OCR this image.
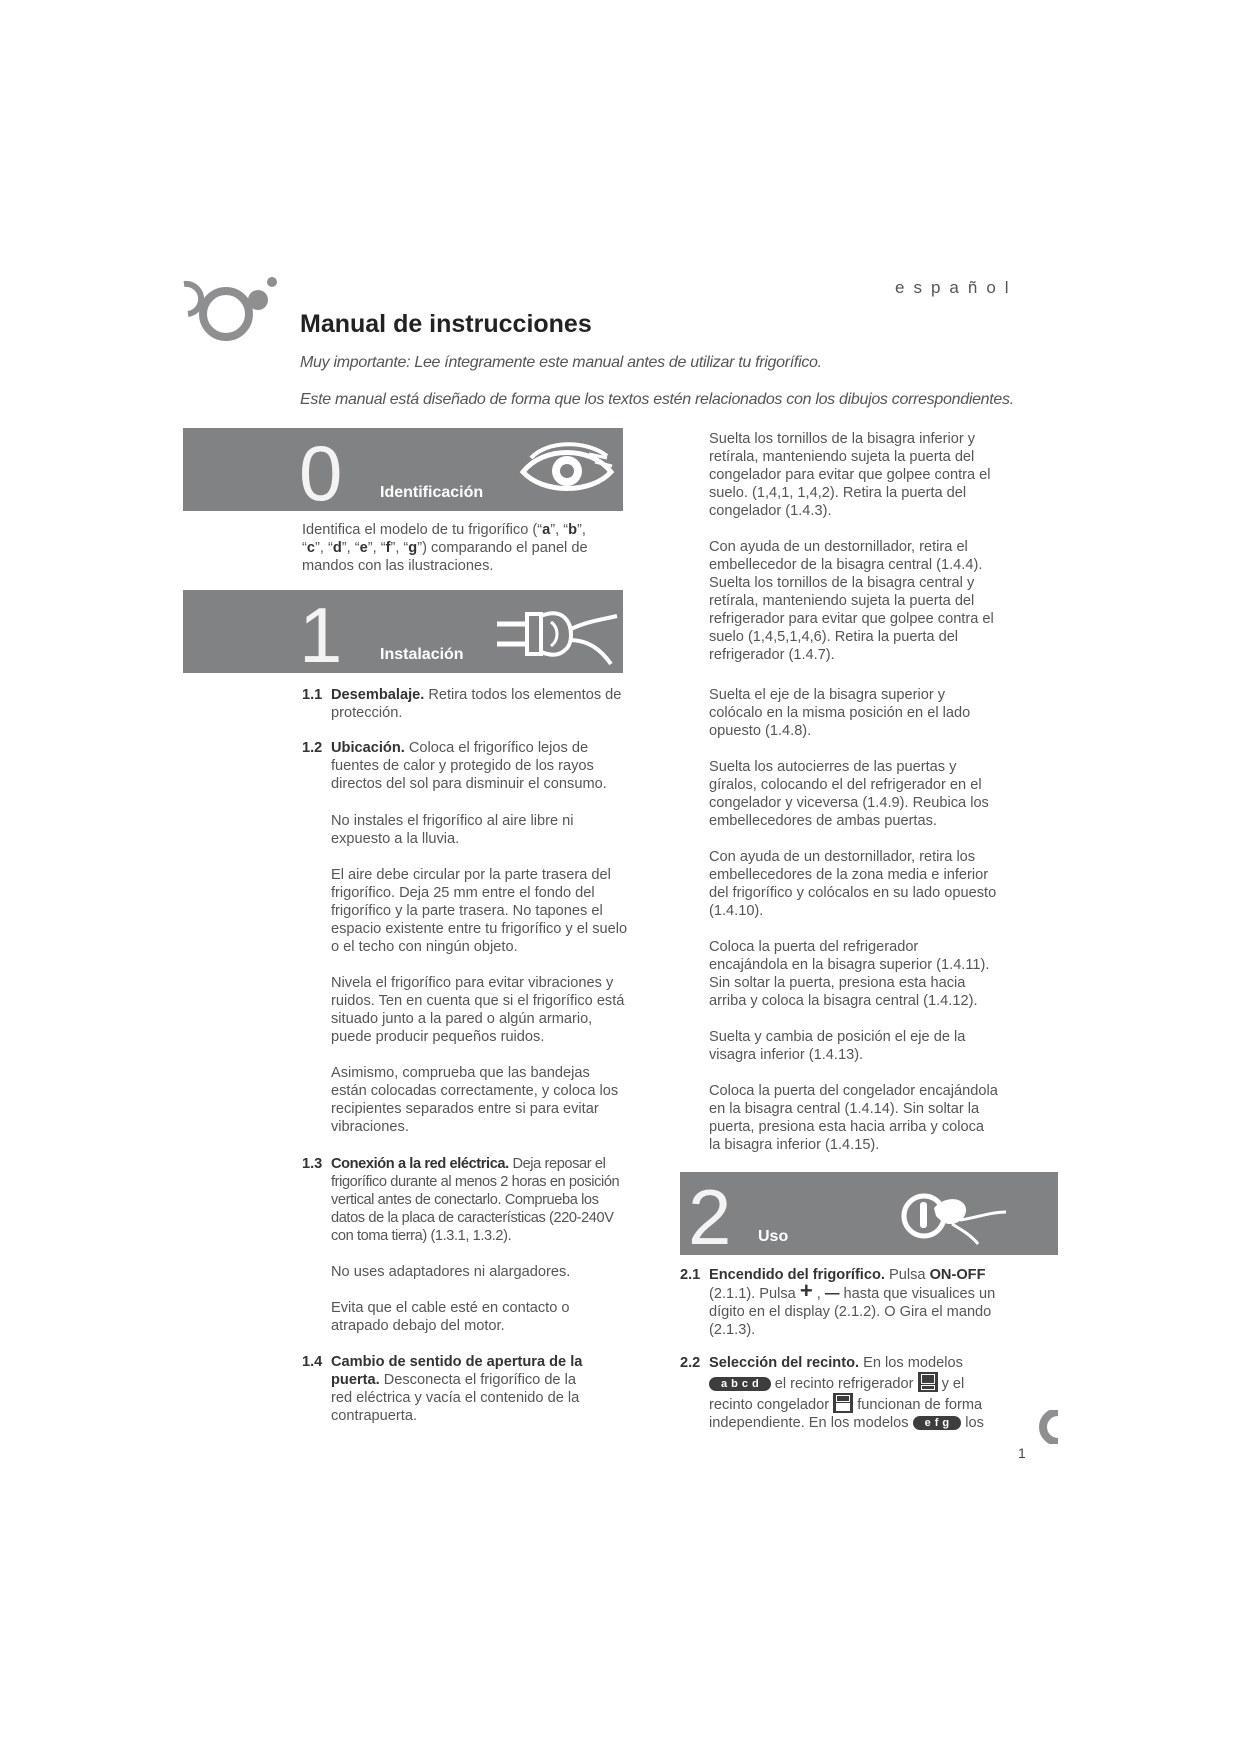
español
Manual de instrucciones
Muy importante: Lee íntegramente este manual antes de utilizar tu frigorífico.
Este manual está diseñado de forma que los textos estén relacionados con los dibujos correspondientes.
0 Identificación
Identifica el modelo de tu frigorífico (“a”, “b”,
“c”, “d”, “e”, “f”, “g”) comparando el panel de
mandos con las ilustraciones.
1 Instalación
1.1 Desembalaje. Retira todos los elementos de protección.
1.2 Ubicación. Coloca el frigorífico lejos de fuentes de calor y protegido de los rayos directos del sol para disminuir el consumo.

No instales el frigorífico al aire libre ni expuesto a la lluvia.

El aire debe circular por la parte trasera del frigorífico. Deja 25 mm entre el fondo del frigorífico y la parte trasera. No tapones el espacio existente entre tu frigorífico y el suelo o el techo con ningún objeto.

Nivela el frigorífico para evitar vibraciones y ruidos. Ten en cuenta que si el frigorífico está situado junto a la pared o algún armario, puede producir pequeños ruidos.

Asimismo, comprueba que las bandejas están colocadas correctamente, y coloca los recipientes separados entre si para evitar vibraciones.

1.3 Conexión a la red eléctrica. Deja reposar el frigorífico durante al menos 2 horas en posición vertical antes de conectarlo. Comprueba los datos de la placa de características (220-240V con toma tierra) (1.3.1, 1.3.2).

No uses adaptadores ni alargadores.

Evita que el cable esté en contacto o atrapado debajo del motor.

1.4 Cambio de sentido de apertura de la puerta. Desconecta el frigorífico de la red eléctrica y vacía el contenido de la contrapuerta.

Suelta los tornillos de la bisagra inferior y retírala, manteniendo sujeta la puerta del congelador para evitar que golpee contra el suelo. (1,4,1, 1,4,2). Retira la puerta del congelador (1.4.3).

Con ayuda de un destornillador, retira el embellecedor de la bisagra central (1.4.4). Suelta los tornillos de la bisagra central y retírala, manteniendo sujeta la puerta del refrigerador para evitar que golpee contra el suelo (1,4,5,1,4,6). Retira la puerta del refrigerador (1.4.7).

Suelta el eje de la bisagra superior y colócalo en la misma posición en el lado opuesto (1.4.8).

Suelta los autocierres de las puertas y gíralos, colocando el del refrigerador en el congelador y viceversa (1.4.9). Reubica los embellecedores de ambas puertas.

Con ayuda de un destornillador, retira los embellecedores de la zona media e inferior del frigorífico y colócalos en su lado opuesto (1.4.10).

Coloca la puerta del refrigerador encajándola en la bisagra superior (1.4.11). Sin soltar la puerta, presiona esta hacia arriba y coloca la bisagra central (1.4.12).

Suelta y cambia de posición el eje de la visagra inferior (1.4.13).

Coloca la puerta del congelador encajándola en la bisagra central (1.4.14). Sin soltar la puerta, presiona esta hacia arriba y coloca la bisagra inferior (1.4.15).

2 Uso
2.1 Encendido del frigorífico. Pulsa ON-OFF
(2.1.1). Pulsa + , — hasta que visualices un
dígito en el display (2.1.2). O Gira el mando
(2.1.3).
2.2 Selección del recinto. En los modelos
abcd el recinto refrigerador
y el
recinto congelador
funcionan de forma
independiente. En los modelos efg los
1
